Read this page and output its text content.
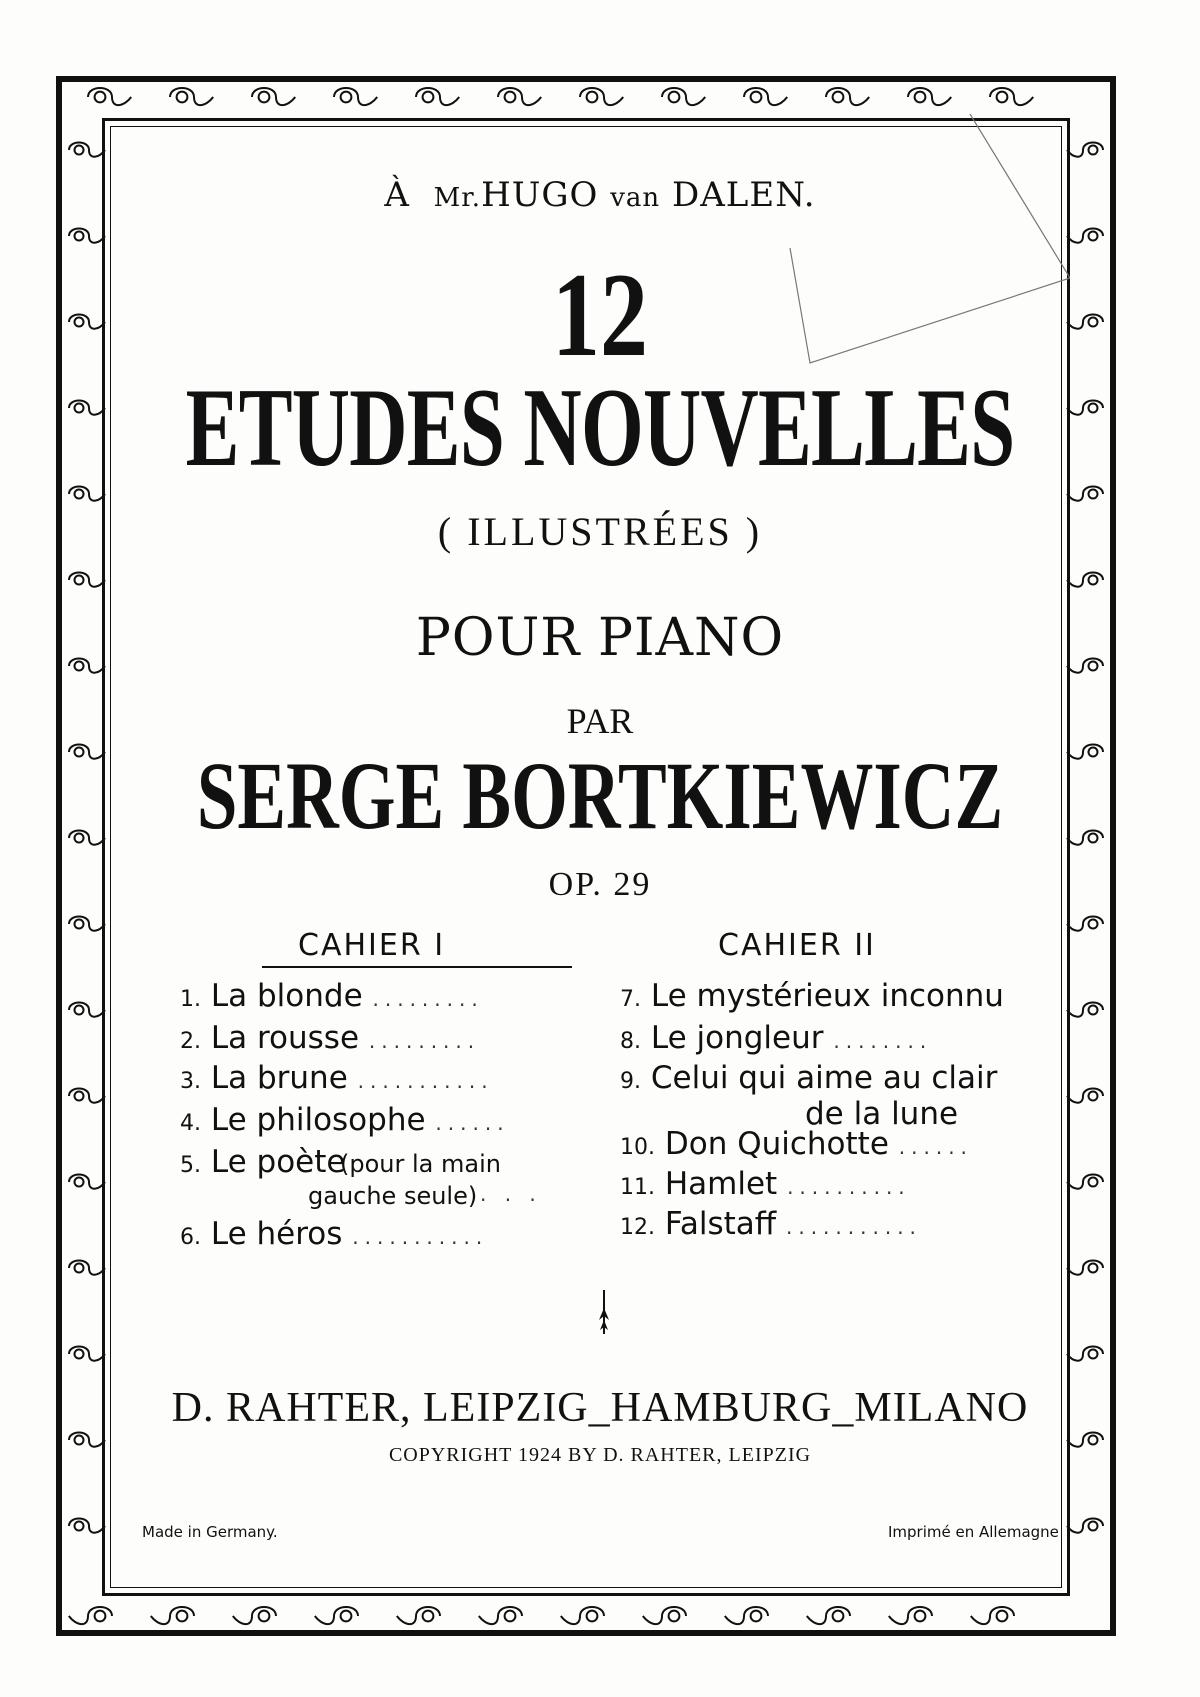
À Mr.HUGO van DALEN.
12
ETUDES NOUVELLES
( ILLUSTRÉES )
POUR PIANO
PAR
SERGE BORTKIEWICZ
OP. 29
CAHIER I	CAHIER II
1. La blonde .........
2. La rousse .........
3. La brune ...........
4. Le philosophe ......
5. Le poète
(pour la main
gauche seule) . . .
6. Le héros ...........
7. Le mystérieux inconnu
8. Le jongleur ........
9. Celui qui aime au clair
de la lune
10. Don Quichotte ......
11. Hamlet ..........
12. Falstaff ...........
D. RAHTER, LEIPZIG_HAMBURG_MILANO
COPYRIGHT 1924 BY D. RAHTER, LEIPZIG
Made in Germany.	Imprimé en Allemagne
